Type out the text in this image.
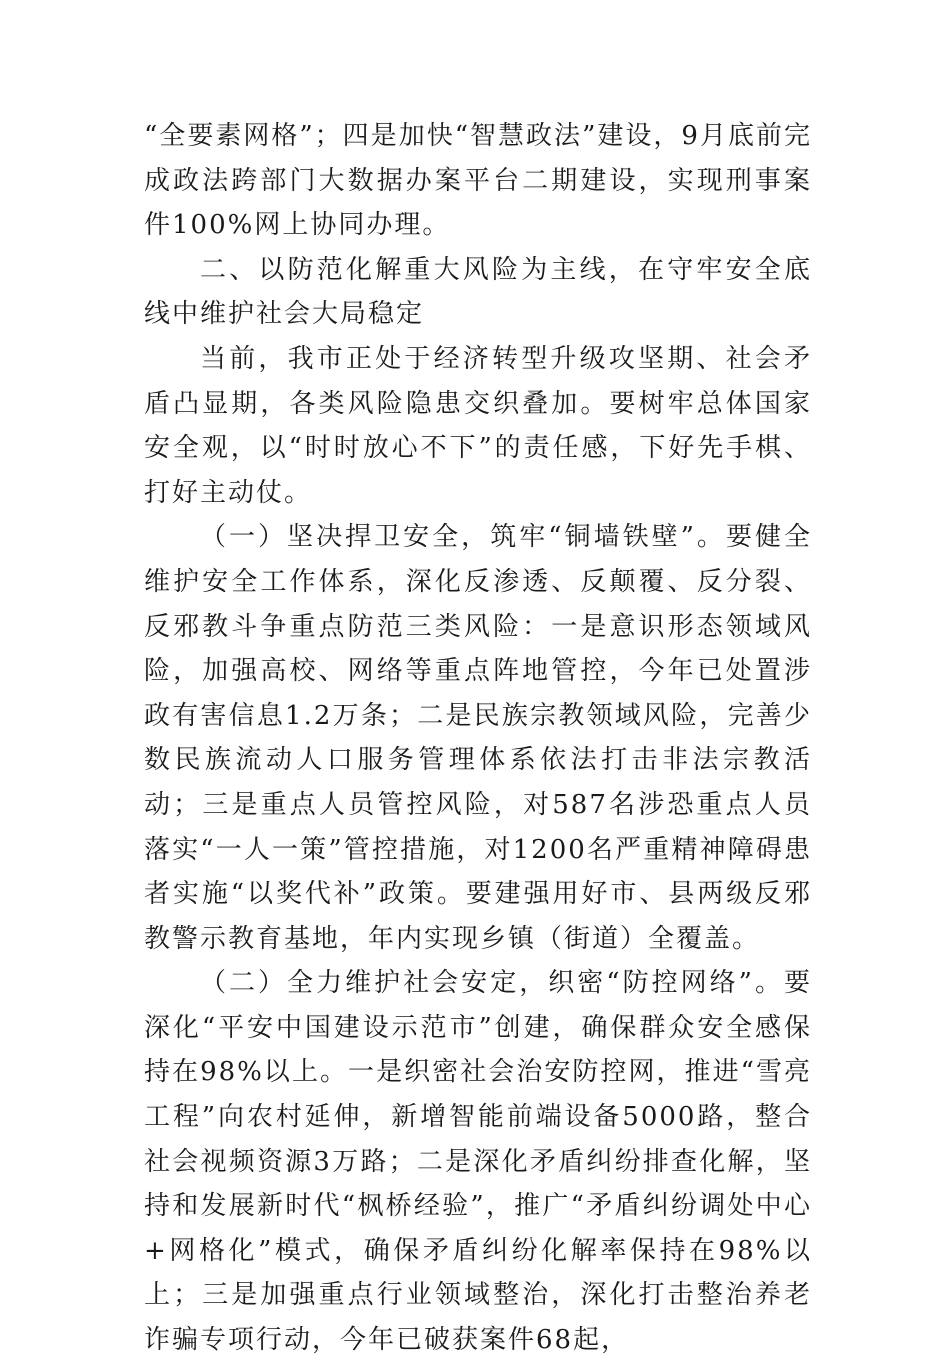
“全要素网格”；四是加快“智慧政法”建设，9月底前完成政法跨部门大数据办案平台二期建设，实现刑事案件100%网上协同办理。

二、以防范化解重大风险为主线，在守牢安全底线中维护社会大局稳定

当前，我市正处于经济转型升级攻坚期、社会矛盾凸显期，各类风险隐患交织叠加。要树牢总体国家安全观，以“时时放心不下”的责任感，下好先手棋、打好主动仗。

（一）坚决捍卫安全，筑牢“铜墙铁壁”。要健全维护安全工作体系，深化反渗透、反颠覆、反分裂、反邪教斗争重点防范三类风险：一是意识形态领域风险，加强高校、网络等重点阵地管控，今年已处置涉政有害信息1.2万条；二是民族宗教领域风险，完善少数民族流动人口服务管理体系依法打击非法宗教活动；三是重点人员管控风险，对587名涉恐重点人员落实“一人一策”管控措施，对1200名严重精神障碍患者实施“以奖代补”政策。要建强用好市、县两级反邪教警示教育基地，年内实现乡镇（街道）全覆盖。

（二）全力维护社会安定，织密“防控网络”。要深化“平安中国建设示范市”创建，确保群众安全感保持在98%以上。一是织密社会治安防控网，推进“雪亮工程”向农村延伸，新增智能前端设备5000路，整合社会视频资源3万路；二是深化矛盾纠纷排查化解，坚持和发展新时代“枫桥经验”，推广“矛盾纠纷调处中心+网格化”模式，确保矛盾纠纷化解率保持在98%以上；三是加强重点行业领域整治，深化打击整治养老诈骗专项行动，今年已破获案件68起，
